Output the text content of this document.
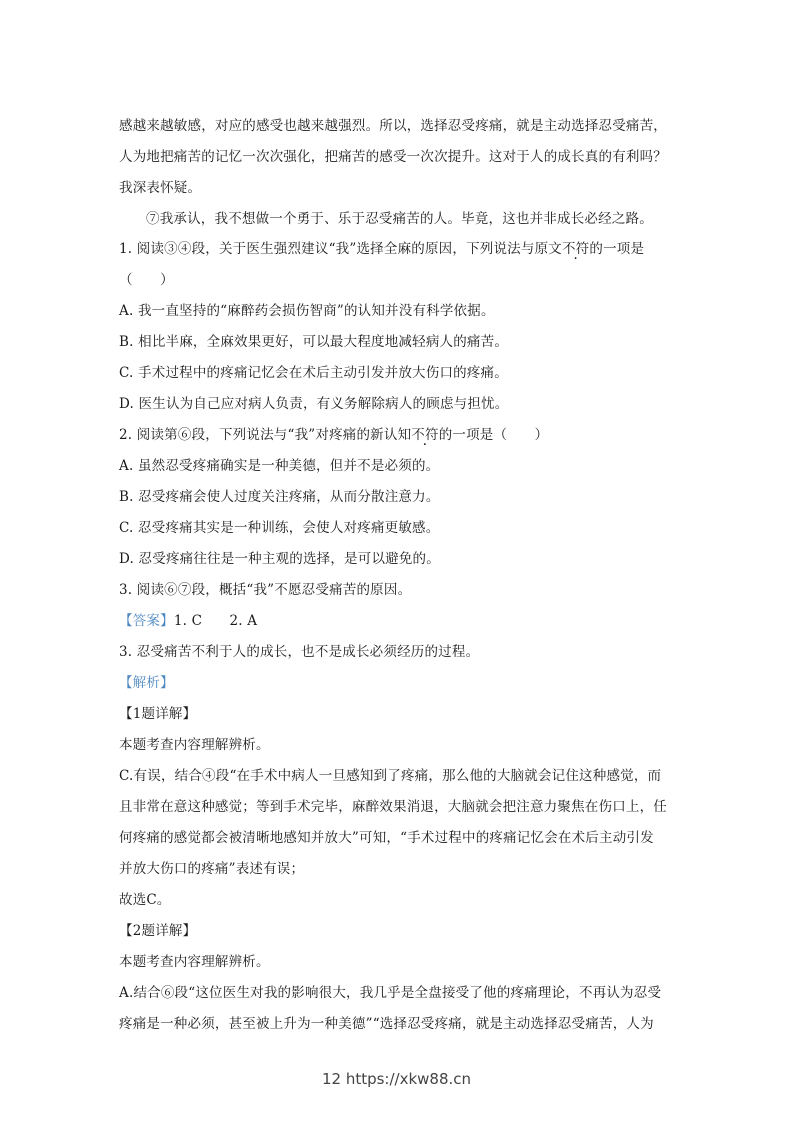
感越来越敏感，对应的感受也越来越强烈。所以，选择忍受疼痛，就是主动选择忍受痛苦，
人为地把痛苦的记忆一次次强化，把痛苦的感受一次次提升。这对于人的成长真的有利吗？
我深表怀疑。
⑦我承认，我不想做一个勇于、乐于忍受痛苦的人。毕竟，这也并非成长必经之路。
1. 阅读③④段，关于医生强烈建议“我”选择全麻的原因，下列说法与原文不符的一项是
（　　）
A. 我一直坚持的“麻醉药会损伤智商”的认知并没有科学依据。
B. 相比半麻，全麻效果更好，可以最大程度地减轻病人的痛苦。
C. 手术过程中的疼痛记忆会在术后主动引发并放大伤口的疼痛。
D. 医生认为自己应对病人负责，有义务解除病人的顾虑与担忧。
2. 阅读第⑥段，下列说法与“我”对疼痛的新认知不符的一项是（　　）
A. 虽然忍受疼痛确实是一种美德，但并不是必须的。
B. 忍受疼痛会使人过度关注疼痛，从而分散注意力。
C. 忍受疼痛其实是一种训练，会使人对疼痛更敏感。
D. 忍受疼痛往往是一种主观的选择，是可以避免的。
3. 阅读⑥⑦段，概括“我”不愿忍受痛苦的原因。
【答案】1. C　　2. A
3. 忍受痛苦不利于人的成长，也不是成长必须经历的过程。
【解析】
【1题详解】
本题考查内容理解辨析。
C.有误，结合④段“在手术中病人一旦感知到了疼痛，那么他的大脑就会记住这种感觉，而
且非常在意这种感觉；等到手术完毕，麻醉效果消退，大脑就会把注意力聚焦在伤口上，任
何疼痛的感觉都会被清晰地感知并放大”可知，“手术过程中的疼痛记忆会在术后主动引发
并放大伤口的疼痛”表述有误；
故选C。
【2题详解】
本题考查内容理解辨析。
A.结合⑥段“这位医生对我的影响很大，我几乎是全盘接受了他的疼痛理论，不再认为忍受
疼痛是一种必须，甚至被上升为一种美德”“选择忍受疼痛，就是主动选择忍受痛苦，人为
12 https://xkw88.cn
